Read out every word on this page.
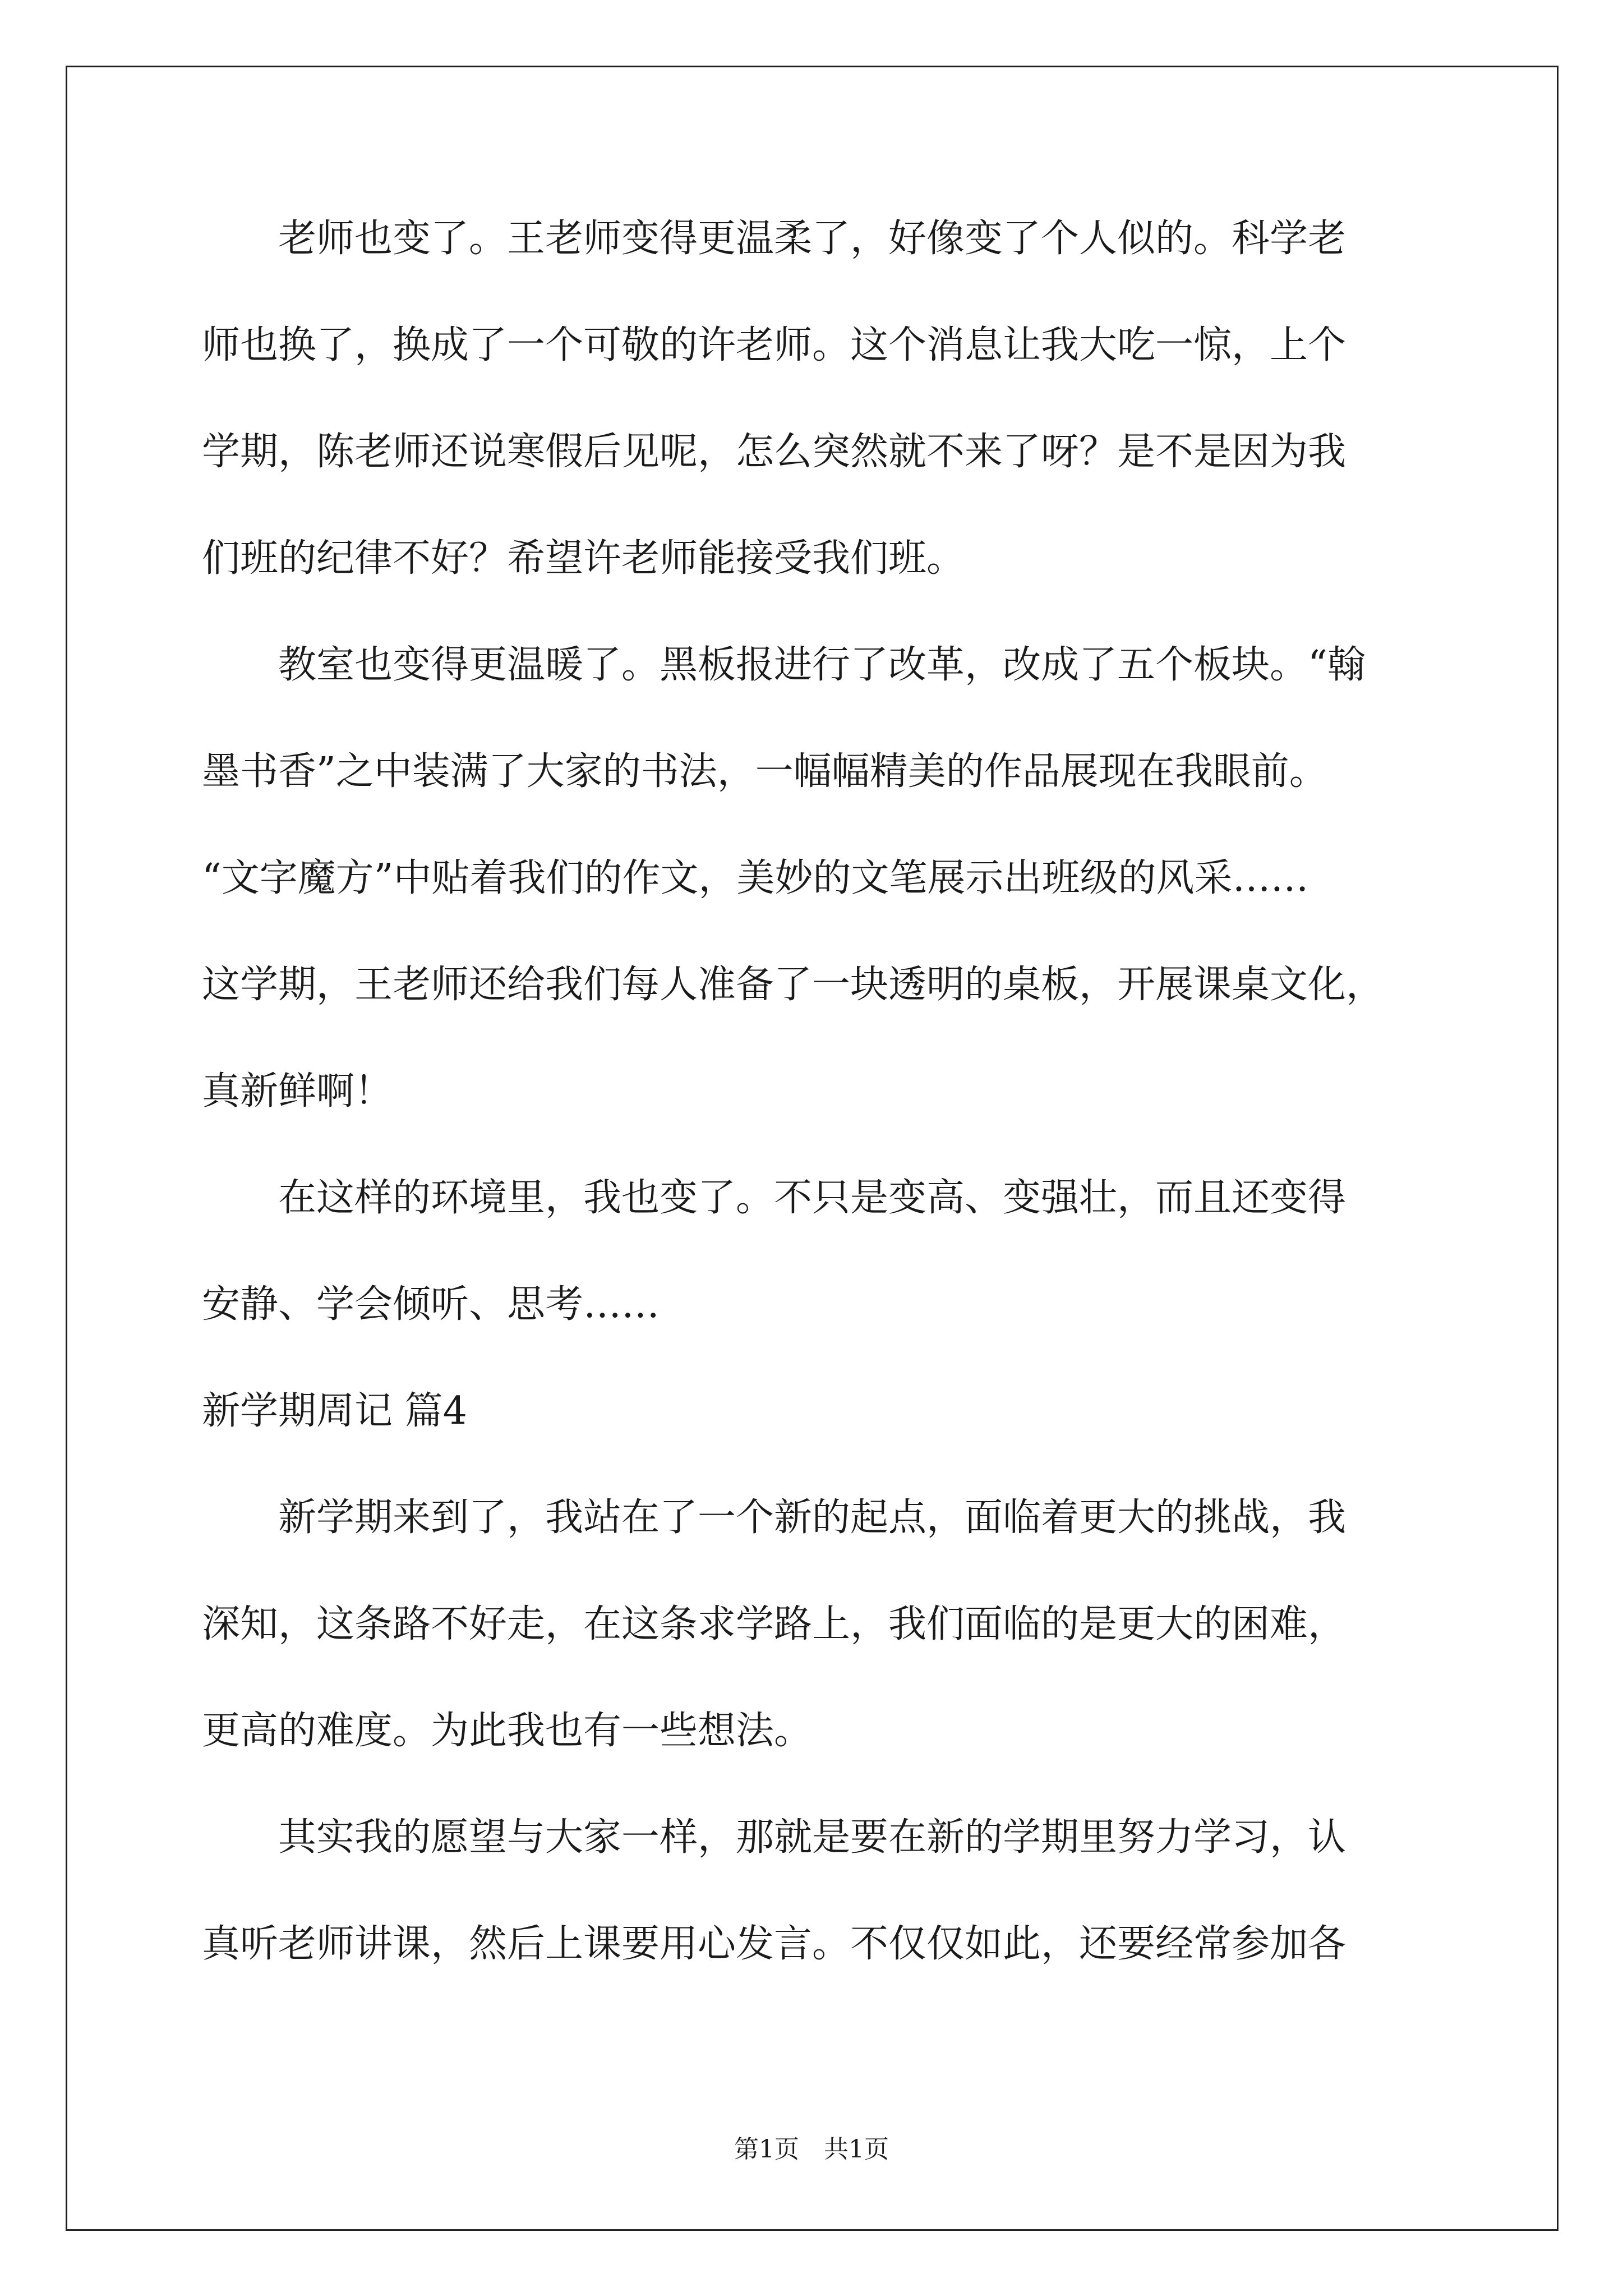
　　老师也变了。王老师变得更温柔了，好像变了个人似的。科学老
师也换了，换成了一个可敬的许老师。这个消息让我大吃一惊，上个
学期，陈老师还说寒假后见呢，怎么突然就不来了呀？是不是因为我
们班的纪律不好？希望许老师能接受我们班。
　　教室也变得更温暖了。黑板报进行了改革，改成了五个板块。“翰
墨书香”之中装满了大家的书法，一幅幅精美的作品展现在我眼前。
“文字魔方”中贴着我们的作文，美妙的文笔展示出班级的风采……
这学期，王老师还给我们每人准备了一块透明的桌板，开展课桌文化，
真新鲜啊！
　　在这样的环境里，我也变了。不只是变高、变强壮，而且还变得
安静、学会倾听、思考……
新学期周记 篇4
　　新学期来到了，我站在了一个新的起点，面临着更大的挑战，我
深知，这条路不好走，在这条求学路上，我们面临的是更大的困难，
更高的难度。为此我也有一些想法。
　　其实我的愿望与大家一样，那就是要在新的学期里努力学习，认
真听老师讲课，然后上课要用心发言。不仅仅如此，还要经常参加各
第1页　共1页
